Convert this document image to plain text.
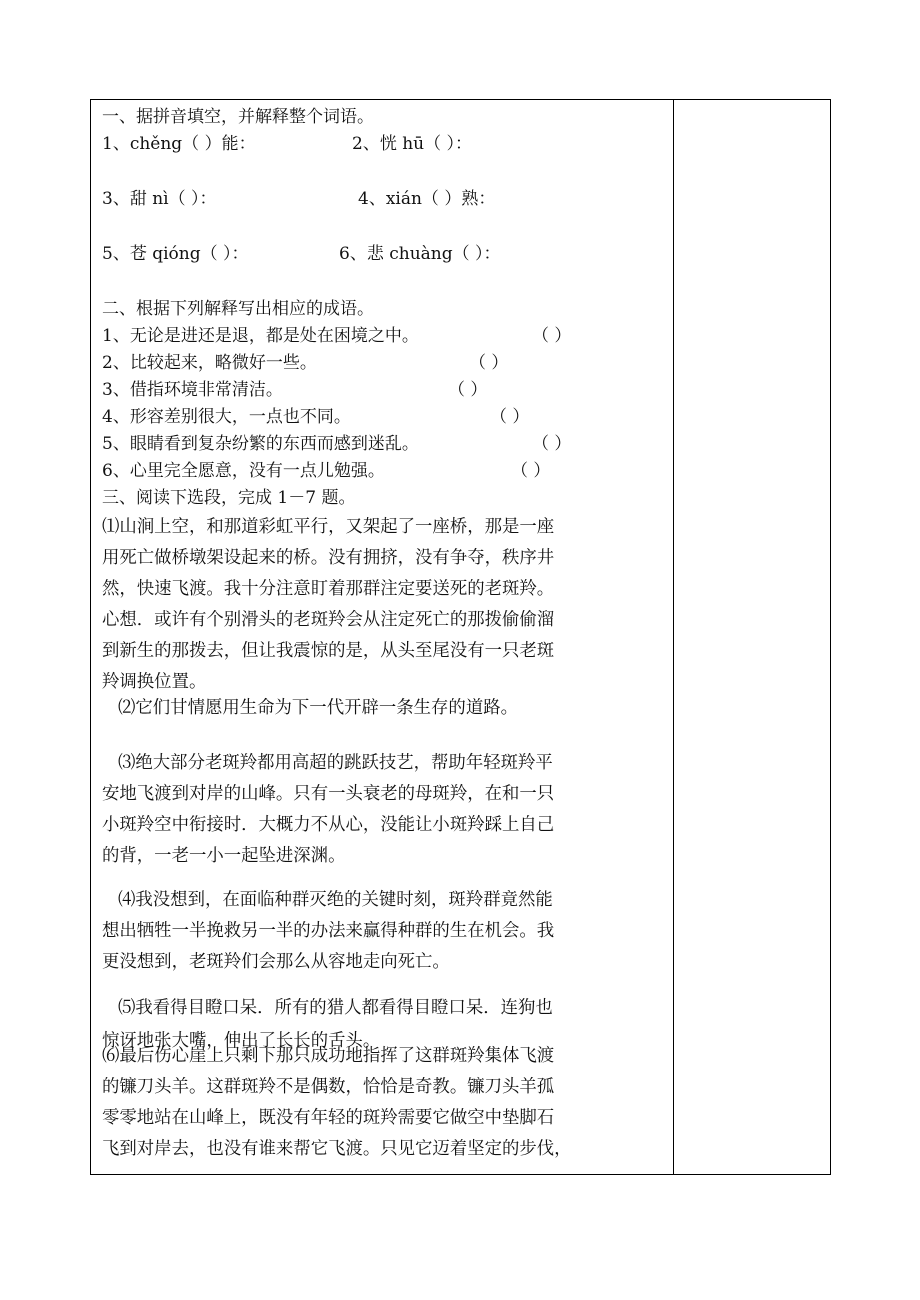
一、据拼音填空，并解释整个词语。
1、chěng（ ）能：	2、恍 hū（ ）：
3、甜 nì（ ）：	4、xián（ ）熟：
5、苍 qióng（ ）：	6、悲 chuàng（ ）：
二、根据下列解释写出相应的成语。
1、无论是进还是退，都是处在困境之中。	（ ）
2、比较起来，略微好一些。	（ ）
3、借指环境非常清洁。	（ ）
4、形容差别很大，一点也不同。	（ ）
5、眼睛看到复杂纷繁的东西而感到迷乱。	（ ）
6、心里完全愿意，没有一点儿勉强。	（ ）
三、阅读下选段，完成 1－7 题。
⑴山涧上空，和那道彩虹平行，又架起了一座桥，那是一座
用死亡做桥墩架设起来的桥。没有拥挤，没有争夺，秩序井
然，快速飞渡。我十分注意盯着那群注定要送死的老斑羚。
心想．或许有个别滑头的老斑羚会从注定死亡的那拨偷偷溜
到新生的那拨去，但让我震惊的是，从头至尾没有一只老斑
羚调换位置。
⑵它们甘情愿用生命为下一代开辟一条生存的道路。
⑶绝大部分老斑羚都用高超的跳跃技艺，帮助年轻斑羚平
安地飞渡到对岸的山峰。只有一头衰老的母斑羚，在和一只
小斑羚空中衔接时．大概力不从心，没能让小斑羚踩上自己
的背，一老一小一起坠进深渊。
⑷我没想到，在面临种群灭绝的关键时刻，斑羚群竟然能
想出牺牲一半挽救另一半的办法来赢得种群的生在机会。我
更没想到，老斑羚们会那么从容地走向死亡。
⑸我看得目瞪口呆．所有的猎人都看得目瞪口呆．连狗也
惊讶地张大嘴，伸出了长长的舌头。
⑹最后伤心崖上只剩下那只成功地指挥了这群斑羚集体飞渡
的镰刀头羊。这群斑羚不是偶数，恰恰是奇教。镰刀头羊孤
零零地站在山峰上，既没有年轻的斑羚需要它做空中垫脚石
飞到对岸去，也没有谁来帮它飞渡。只见它迈着坚定的步伐，
